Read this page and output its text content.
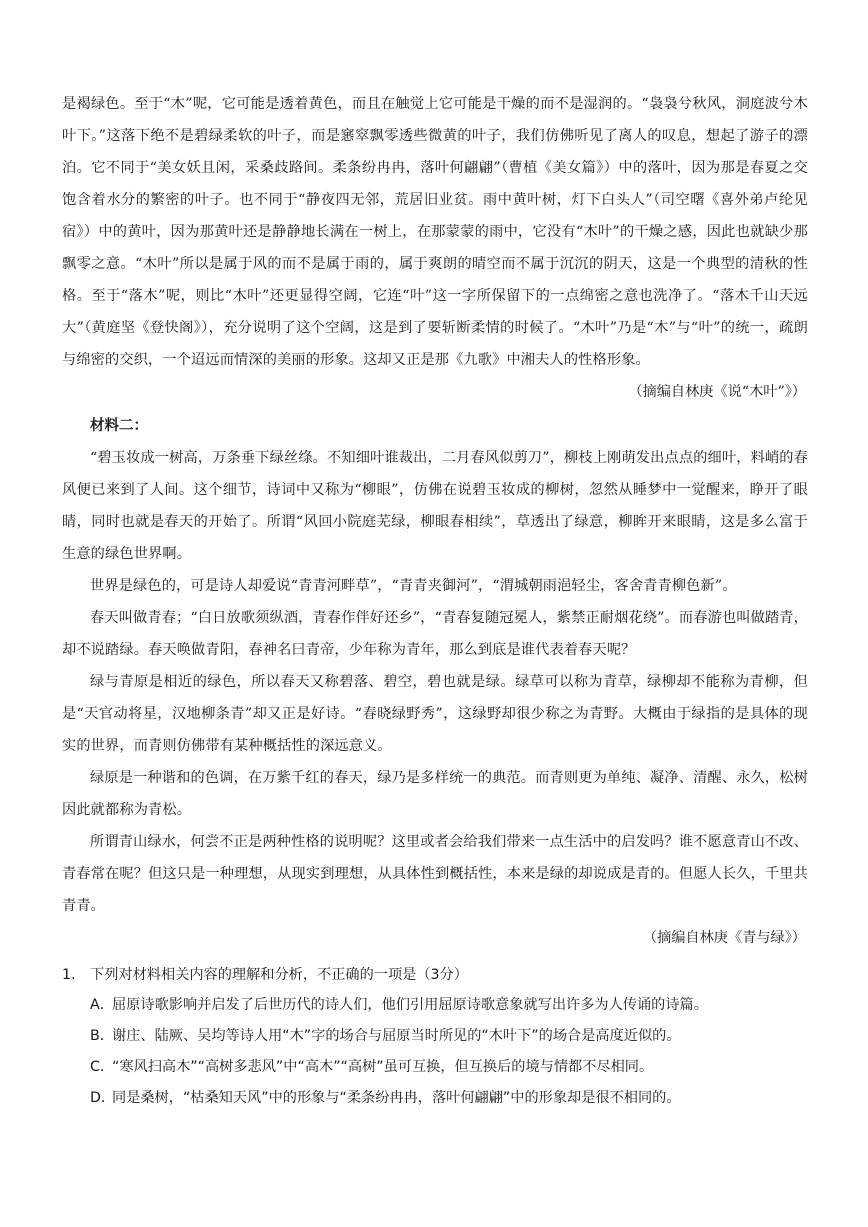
是褐绿色。至于“木”呢，它可能是透着黄色，而且在触觉上它可能是干燥的而不是湿润的。“袅袅兮秋风，洞庭波兮木叶下。”这落下绝不是碧绿柔软的叶子，而是窸窣飘零透些微黄的叶子，我们仿佛听见了离人的叹息，想起了游子的漂泊。它不同于“美女妖且闲，采桑歧路间。柔条纷冉冉，落叶何翩翩”（曹植《美女篇》）中的落叶，因为那是春夏之交饱含着水分的繁密的叶子。也不同于“静夜四无邻，荒居旧业贫。雨中黄叶树，灯下白头人”（司空曙《喜外弟卢纶见宿》）中的黄叶，因为那黄叶还是静静地长满在一树上，在那蒙蒙的雨中，它没有“木叶”的干燥之感，因此也就缺少那飘零之意。“木叶”所以是属于风的而不是属于雨的，属于爽朗的晴空而不属于沉沉的阴天，这是一个典型的清秋的性格。至于“落木”呢，则比“木叶”还更显得空阔，它连“叶”这一字所保留下的一点绵密之意也洗净了。“落木千山天远大”（黄庭坚《登快阁》），充分说明了这个空阔，这是到了要斩断柔情的时候了。“木叶”乃是“木”与“叶”的统一，疏朗与绵密的交织，一个迢远而情深的美丽的形象。这却又正是那《九歌》中湘夫人的性格形象。

（摘编自林庚《说“木叶”》）

材料二：

“碧玉妆成一树高，万条垂下绿丝绦。不知细叶谁裁出，二月春风似剪刀”，柳枝上刚萌发出点点的细叶，料峭的春风便已来到了人间。这个细节，诗词中又称为“柳眼”，仿佛在说碧玉妆成的柳树，忽然从睡梦中一觉醒来，睁开了眼睛，同时也就是春天的开始了。所谓“风回小院庭芜绿，柳眼春相续”，草透出了绿意，柳眸开来眼睛，这是多么富于生意的绿色世界啊。

世界是绿色的，可是诗人却爱说“青青河畔草”，“青青夹御河”，“渭城朝雨浥轻尘，客舍青青柳色新”。

春天叫做青春；“白日放歌须纵酒，青春作伴好还乡”，“青春复随冠冕人，紫禁正耐烟花绕”。而春游也叫做踏青，却不说踏绿。春天唤做青阳，春神名曰青帝，少年称为青年，那么到底是谁代表着春天呢？

绿与青原是相近的绿色，所以春天又称碧落、碧空，碧也就是绿。绿草可以称为青草，绿柳却不能称为青柳，但是“天官动将星，汉地柳条青”却又正是好诗。“春晓绿野秀”，这绿野却很少称之为青野。大概由于绿指的是具体的现实的世界，而青则仿佛带有某种概括性的深远意义。

绿原是一种谐和的色调，在万紫千红的春天，绿乃是多样统一的典范。而青则更为单纯、凝净、清醒、永久，松树因此就都称为青松。

所谓青山绿水，何尝不正是两种性格的说明呢？这里或者会给我们带来一点生活中的启发吗？谁不愿意青山不改、青春常在呢？但这只是一种理想，从现实到理想，从具体性到概括性，本来是绿的却说成是青的。但愿人长久，千里共青青。

（摘编自林庚《青与绿》）

1.	下列对材料相关内容的理解和分析，不正确的一项是（3分）
A．
屈原诗歌影响并启发了后世历代的诗人们，他们引用屈原诗歌意象就写出许多为人传诵的诗篇。
B．
谢庄、陆厥、吴均等诗人用“木”字的场合与屈原当时所见的“木叶下”的场合是高度近似的。
C．
“寒风扫高木”“高树多悲风”中“高木”“高树”虽可互换，但互换后的境与情都不尽相同。
D．
同是桑树，“枯桑知天风”中的形象与“柔条纷冉冉，落叶何翩翩”中的形象却是很不相同的。
